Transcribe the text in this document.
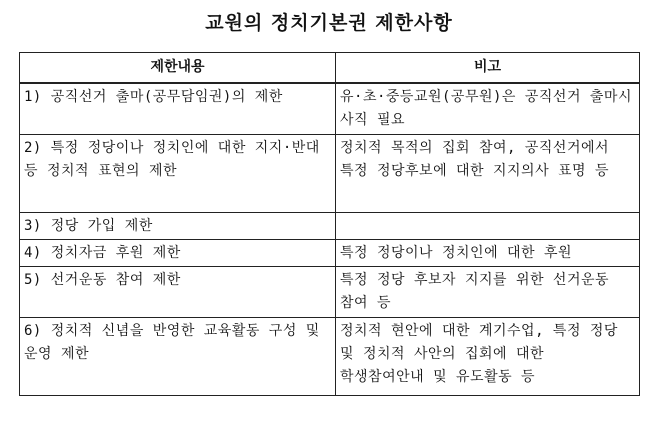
교원의 정치기본권 제한사항
제한내용	비고
1) 공직선거 출마(공무담임권)의 제한	유·초·중등교원(공무원)은 공직선거 출마시 사직 필요
2) 특정 정당이나 정치인에 대한 지지·반대 등 정치적 표현의 제한	정치적 목적의 집회 참여, 공직선거에서 특정 정당후보에 대한 지지의사 표명 등
3) 정당 가입 제한	
4) 정치자금 후원 제한	특정 정당이나 정치인에 대한 후원
5) 선거운동 참여 제한	특정 정당 후보자 지지를 위한 선거운동 참여 등
6) 정치적 신념을 반영한 교육활동 구성 및 운영 제한	정치적 현안에 대한 계기수업, 특정 정당 및 정치적 사안의 집회에 대한 학생참여안내 및 유도활동 등
